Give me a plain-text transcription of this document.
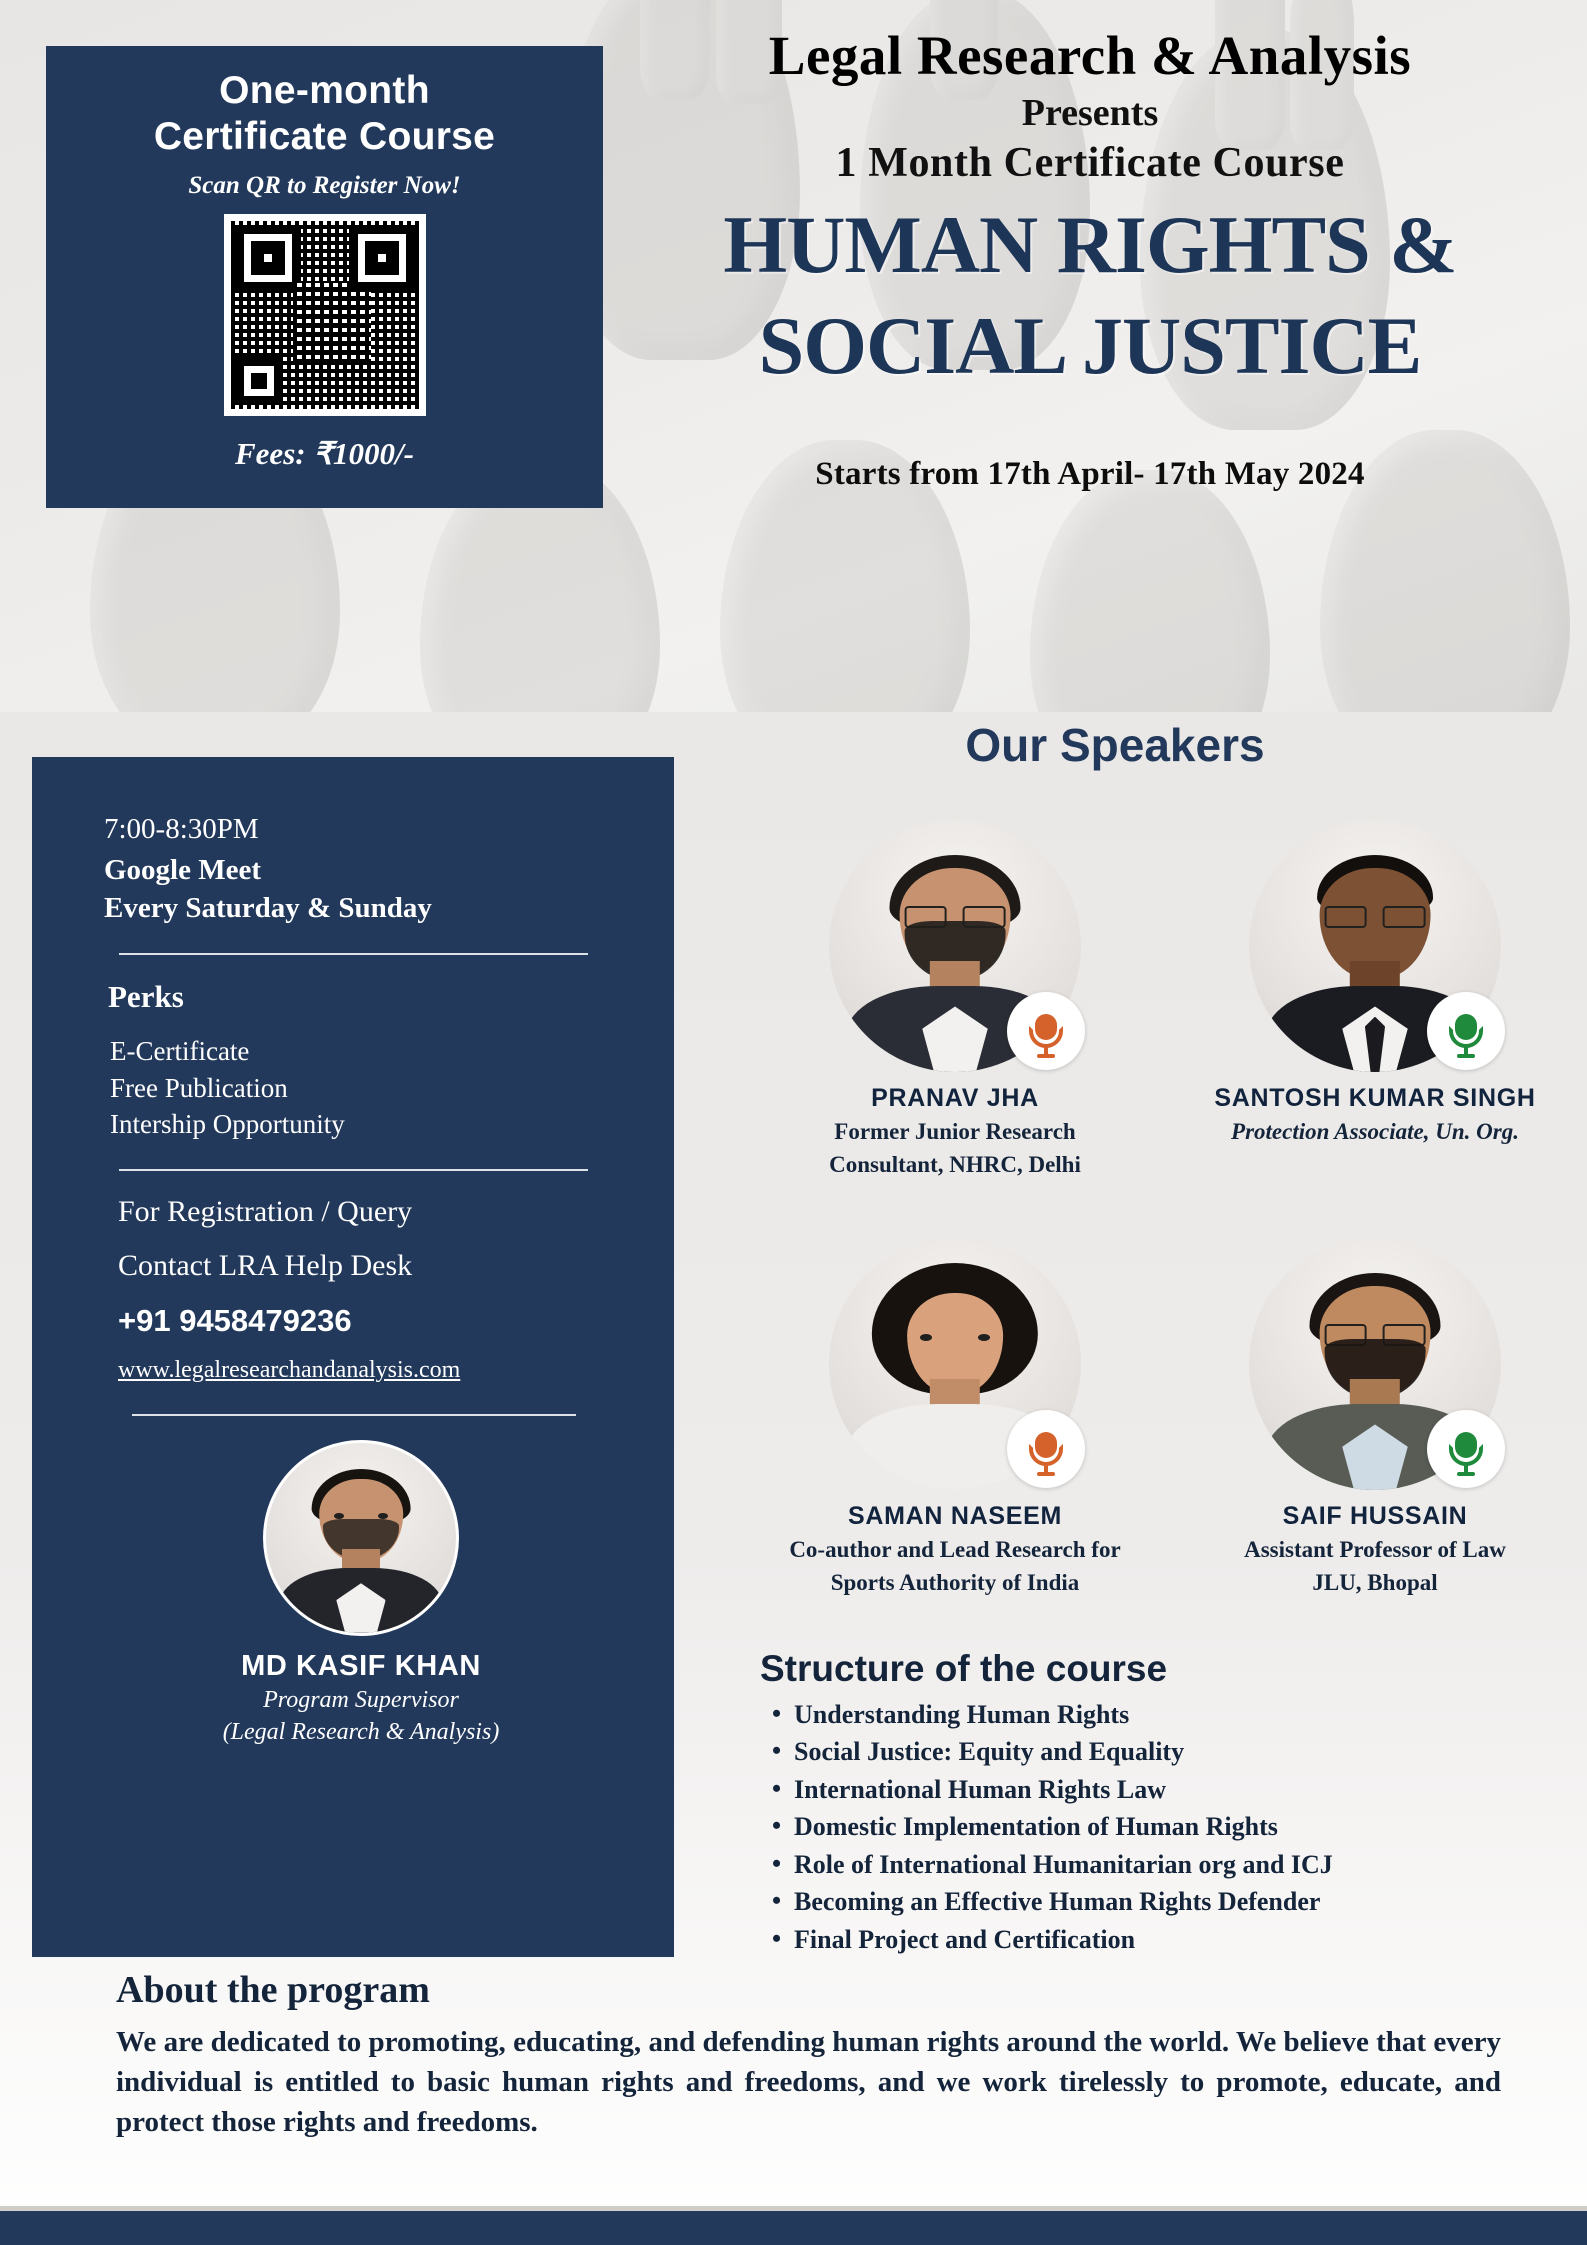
One-month
Certificate Course
Scan QR to Register Now!
Fees: ₹1000/-
Legal Research & Analysis
Presents
1 Month Certificate Course
HUMAN RIGHTS &
SOCIAL JUSTICE
Starts from 17th April- 17th May 2024
7:00-8:30PM
Google Meet
Every Saturday & Sunday
Perks
E-Certificate
Free Publication
Intership Opportunity
For Registration / Query
Contact LRA Help Desk
+91 9458479236
www.legalresearchandanalysis.com
MD KASIF KHAN
Program Supervisor
(Legal Research & Analysis)
Our Speakers
PRANAV JHA
Former Junior Research
Consultant, NHRC, Delhi
SANTOSH KUMAR SINGH
Protection Associate, Un. Org.
SAMAN NASEEM
Co-author and Lead Research for
Sports Authority of India
SAIF HUSSAIN
Assistant Professor of Law
JLU, Bhopal
Structure of the course
• Understanding Human Rights
• Social Justice: Equity and Equality
• International Human Rights Law
• Domestic Implementation of Human Rights
• Role of International Humanitarian org and ICJ
• Becoming an Effective Human Rights Defender
• Final Project and Certification
About the program
We are dedicated to promoting, educating, and defending human rights around the world. We believe that every individual is entitled to basic human rights and freedoms, and we work tirelessly to promote, educate, and protect those rights and freedoms.
